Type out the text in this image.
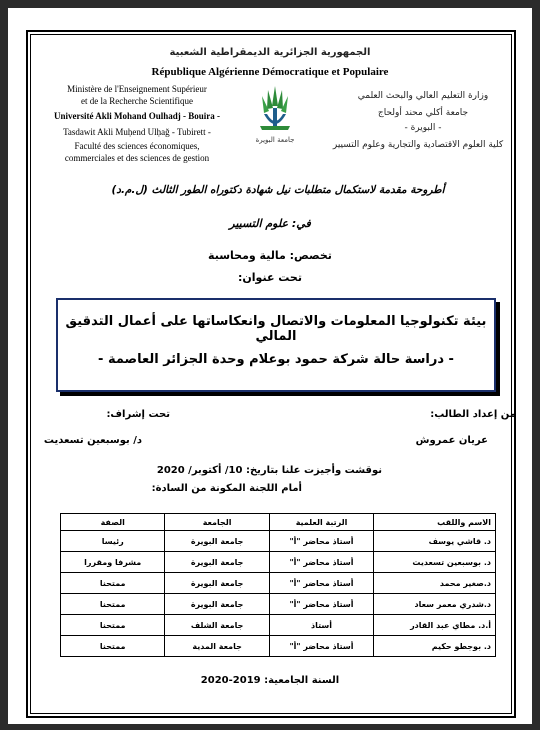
الجمهورية الجزائرية الديمقراطية الشعبية

République Algérienne Démocratique et Populaire

Ministère de l'Enseignement Supérieur

et de la Recherche Scientifique

Université Akli Mohand Oulhadj - Bouira -

Tasdawit Akli Muḥend Ulḥağ - Tubirett -

Faculté des sciences économiques,

commerciales et des sciences de gestion

جامعة البويرة

وزارة التعليم العالي والبحث العلمي

جامعة أكلي محند أولحاج

- البويرة -

كلية العلوم الاقتصادية والتجارية وعلوم التسيير

أطروحة مقدمة لاستكمال متطلبات نيل شهادة دكتوراه الطور الثالث (ل.م.د)

في: علوم التسيير

تخصص: مالية ومحاسبة

تحت عنوان:

بيئة تكنولوجيا المعلومات والاتصال وانعكاساتها على أعمال التدقيق المالي

- دراسة حالة شركة حمود بوعلام وحدة الجزائر العاصمة -

من إعداد الطالب:

عريان عمروش

تحت إشراف:

د/ بوسبعين تسعديت

نوقشت وأجيزت علنا بتاريخ: 10/ أكتوبر/ 2020

أمام اللجنة المكونة من السادة:

الاسم واللقب	الرتبة العلمية	الجامعة	الصفة
د. قاشي يوسف	أستاذ محاضر "أ"	جامعة البويرة	رئيسا
د. بوسبعين تسعديت	أستاذ محاضر "أ"	جامعة البويرة	مشرفا ومقررا
د.صغير محمد	أستاذ محاضر "أ"	جامعة البويرة	ممتحنا
د.شدري معمر سعاد	أستاذ محاضر "أ"	جامعة البويرة	ممتحنا
أ.د. مطاي عبد القادر	أستاذ	جامعة الشلف	ممتحنا
د. بوجطو حكيم	أستاذ محاضر "أ"	جامعة المدية	ممتحنا

السنة الجامعية: 2019-2020
